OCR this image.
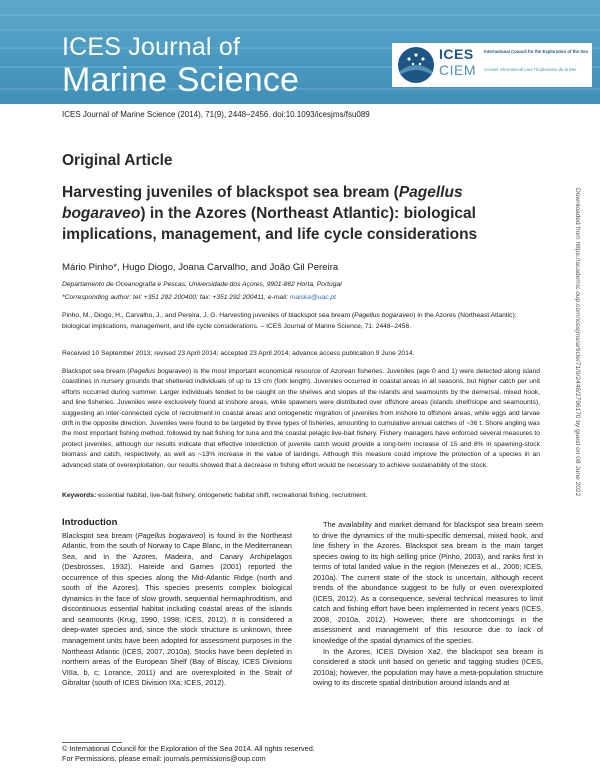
ICES Journal of
Marine Science
ICES
CIEM
International Council for the Exploration of the Sea
Conseil International pour l'Exploration de la Mer
ICES Journal of Marine Science (2014), 71(9), 2448–2456. doi:10.1093/icesjms/fsu089
Original Article
Harvesting juveniles of blackspot sea bream (Pagellus bogaraveo) in the Azores (Northeast Atlantic): biological implications, management, and life cycle considerations
Mário Pinho*, Hugo Diogo, Joana Carvalho, and João Gil Pereira
Departamento de Oceanografia e Pescas, Universidade dos Açores, 9901-862 Horta, Portugal
*Corresponding author: tel: +351 292 200400; fax: +351 292 200411; e-mail: maiska@uac.pt
Pinho, M., Diogo, H., Carvalho, J., and Pereira, J. G. Harvesting juveniles of blackspot sea bream (Pagellus bogaraveo) in the Azores (Northeast Atlantic): biological implications, management, and life cycle considerations. – ICES Journal of Marine Science, 71: 2448–2456.
Received 10 September 2013; revised 23 April 2014; accepted 23 April 2014; advance access publication 9 June 2014.
Blackspot sea bream (Pagellus bogaraveo) is the most important economical resource of Azorean fisheries. Juveniles (age 0 and 1) were detected along island coastlines in nursery grounds that sheltered individuals of up to 13 cm (fork length). Juveniles occurred in coastal areas in all seasons, but higher catch per unit efforts occurred during summer. Larger individuals tended to be caught on the shelves and slopes of the islands and seamounts by the demersal, mixed hook, and line fisheries. Juveniles were exclusively found at inshore areas, while spawners were distributed over offshore areas (islands shelf/slope and seamounts), suggesting an inter-connected cycle of recruitment in coastal areas and ontogenetic migration of juveniles from inshore to offshore areas, while eggs and larvae drift in the opposite direction. Juveniles were found to be targeted by three types of fisheries, amounting to cumulative annual catches of ~36 t. Shore angling was the most important fishing method, followed by bait fishing for tuna and the coastal pelagic live-bait fishery. Fishery managers have enforced several measures to protect juveniles, although our results indicate that effective interdiction of juvenile catch would provide a long-term increase of 15 and 8% in spawning-stock biomass and catch, respectively, as well as ~13% increase in the value of landings. Although this measure could improve the protection of a species in an advanced state of overexploitation, our results showed that a decrease in fishing effort would be necessary to achieve sustainability of the stock.
Keywords: essential habitat, live-bait fishery, ontogenetic habitat shift, recreational fishing, recruitment.
Introduction

Blackspot sea bream (Pagellus bogaraveo) is found in the Northeast Atlantic, from the south of Norway to Cape Blanc, in the Mediterranean Sea, and in the Azores, Madeira, and Canary Archipelagos (Desbrosses, 1932). Hareide and Garnes (2001) reported the occurrence of this species along the Mid-Atlantic Ridge (north and south of the Azores). This species presents complex biological dynamics in the face of slow growth, sequential hermaphroditism, and discontinuous essential habitat including coastal areas of the islands and seamounts (Krug, 1990, 1998; ICES, 2012). It is considered a deep-water species and, since the stock structure is unknown, three management units have been adopted for assessment purposes in the Northeast Atlantic (ICES, 2007, 2010a). Stocks have been depleted in northern areas of the European Shelf (Bay of Biscay, ICES Divisions VIIIa, b, c; Lorance, 2011) and are overexploited in the Strait of Gibraltar (south of ICES Division IXa; ICES, 2012).

The availability and market demand for blackspot sea bream seem to drive the dynamics of the multi-specific demersal, mixed hook, and line fishery in the Azores. Blackspot sea bream is the main target species owing to its high selling price (Pinho, 2003), and ranks first in terms of total landed value in the region (Menezes et al., 2006; ICES, 2010a). The current state of the stock is uncertain, although recent trends of the abundance suggest to be fully or even overexploited (ICES, 2012). As a consequence, several technical measures to limit catch and fishing effort have been implemented in recent years (ICES, 2008, 2010a, 2012). However, there are shortcomings in the assessment and management of this resource due to lack of knowledge of the spatial dynamics of the species.

In the Azores, ICES Division Xa2, the blackspot sea bream is considered a stock unit based on genetic and tagging studies (ICES, 2010a); however, the population may have a meta-population structure owing to its discrete spatial distribution around islands and at

© International Council for the Exploration of the Sea 2014. All rights reserved.
For Permissions, please email: journals.permissions@oup.com
Downloaded from https://academic.oup.com/icesjms/article/71/9/2448/2796170 by guest on 08 June 2022
